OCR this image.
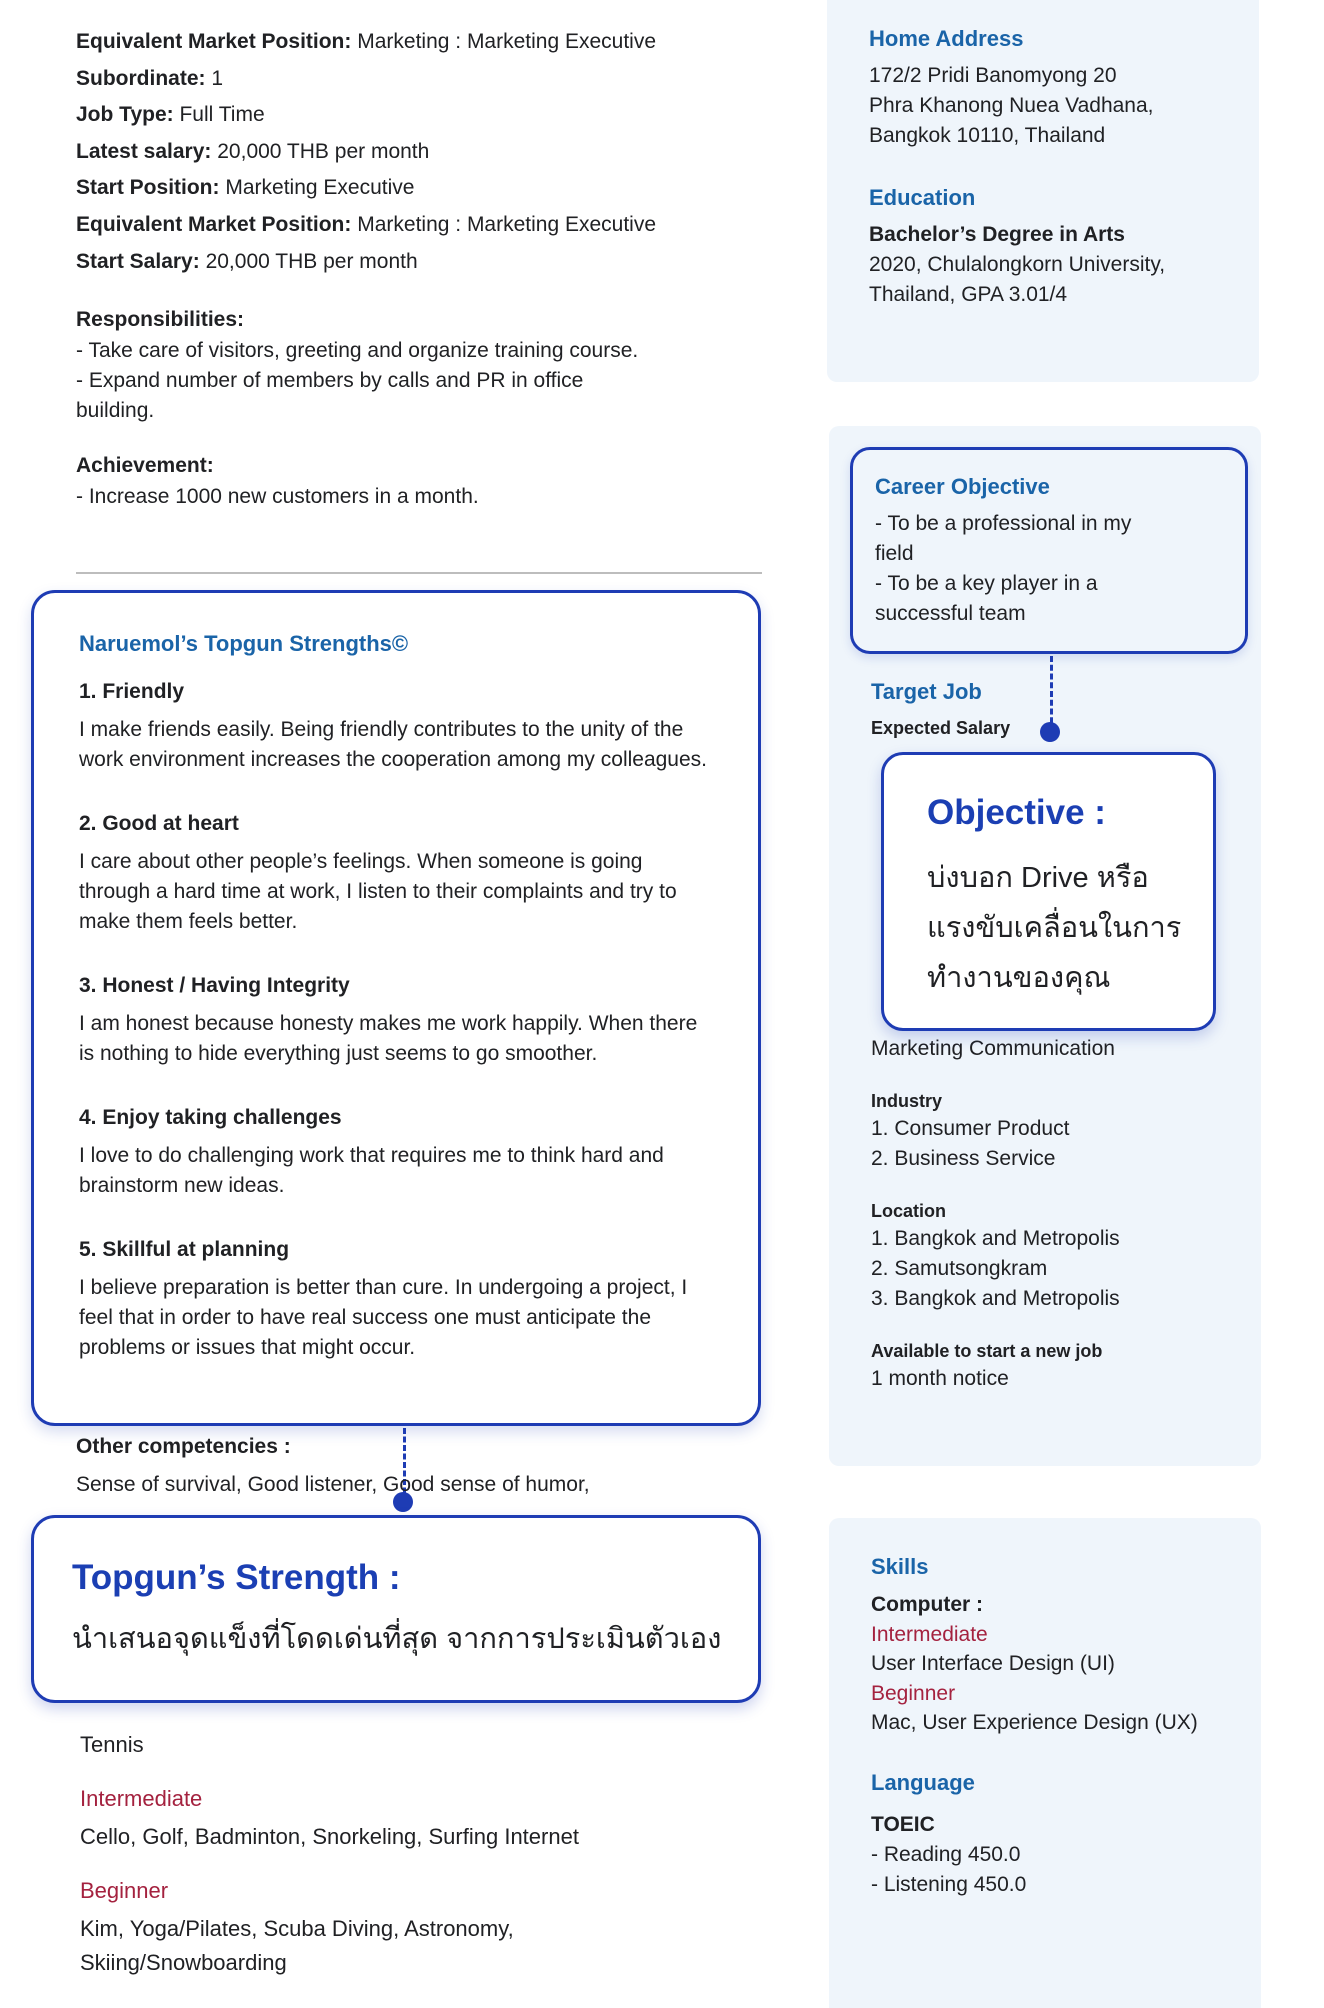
Equivalent Market Position: Marketing : Marketing Executive
Subordinate: 1
Job Type: Full Time
Latest salary: 20,000 THB per month
Start Position: Marketing Executive
Equivalent Market Position: Marketing : Marketing Executive
Start Salary: 20,000 THB per month
Responsibilities:
- Take care of visitors, greeting and organize training course.
- Expand number of members by calls and PR in office
building.
Achievement:
- Increase 1000 new customers in a month.
Naruemol’s Topgun Strengths©
1. Friendly
I make friends easily. Being friendly contributes to the unity of the work environment increases the cooperation among my colleagues.
2. Good at heart
I care about other people’s feelings. When someone is going through a hard time at work, I listen to their complaints and try to make them feels better.
3. Honest / Having Integrity
I am honest because honesty makes me work happily. When there is nothing to hide everything just seems to go smoother.
4. Enjoy taking challenges
I love to do challenging work that requires me to think hard and brainstorm new ideas.
5. Skillful at planning
I believe preparation is better than cure. In undergoing a project, I feel that in order to have real success one must anticipate the problems or issues that might occur.
Other competencies :
Sense of survival, Good listener, Good sense of humor,
Tennis
Intermediate
Cello, Golf, Badminton, Snorkeling, Surfing Internet
Beginner
Kim, Yoga/Pilates, Scuba Diving, Astronomy, Skiing/Snowboarding
Topgun’s Strength :
นำเสนอจุดแข็งที่โดดเด่นที่สุด จากการประเมินตัวเอง
Home Address
172/2 Pridi Banomyong 20
Phra Khanong Nuea Vadhana,
Bangkok 10110, Thailand
Education
Bachelor’s Degree in Arts
2020, Chulalongkorn University,
Thailand, GPA 3.01/4
Target Job
Expected Salary
Marketing Communication
Industry
1. Consumer Product
2. Business Service
Location
1. Bangkok and Metropolis
2. Samutsongkram
3. Bangkok and Metropolis
Available to start a new job
1 month notice
Career Objective
- To be a professional in my
field
- To be a key player in a
successful team
Objective :
บ่งบอก Drive หรือ แรงขับเคลื่อนในการทำงานของคุณ
Skills
Computer :
Intermediate
User Interface Design (UI)
Beginner
Mac, User Experience Design (UX)
Language
TOEIC
- Reading 450.0
- Listening 450.0
